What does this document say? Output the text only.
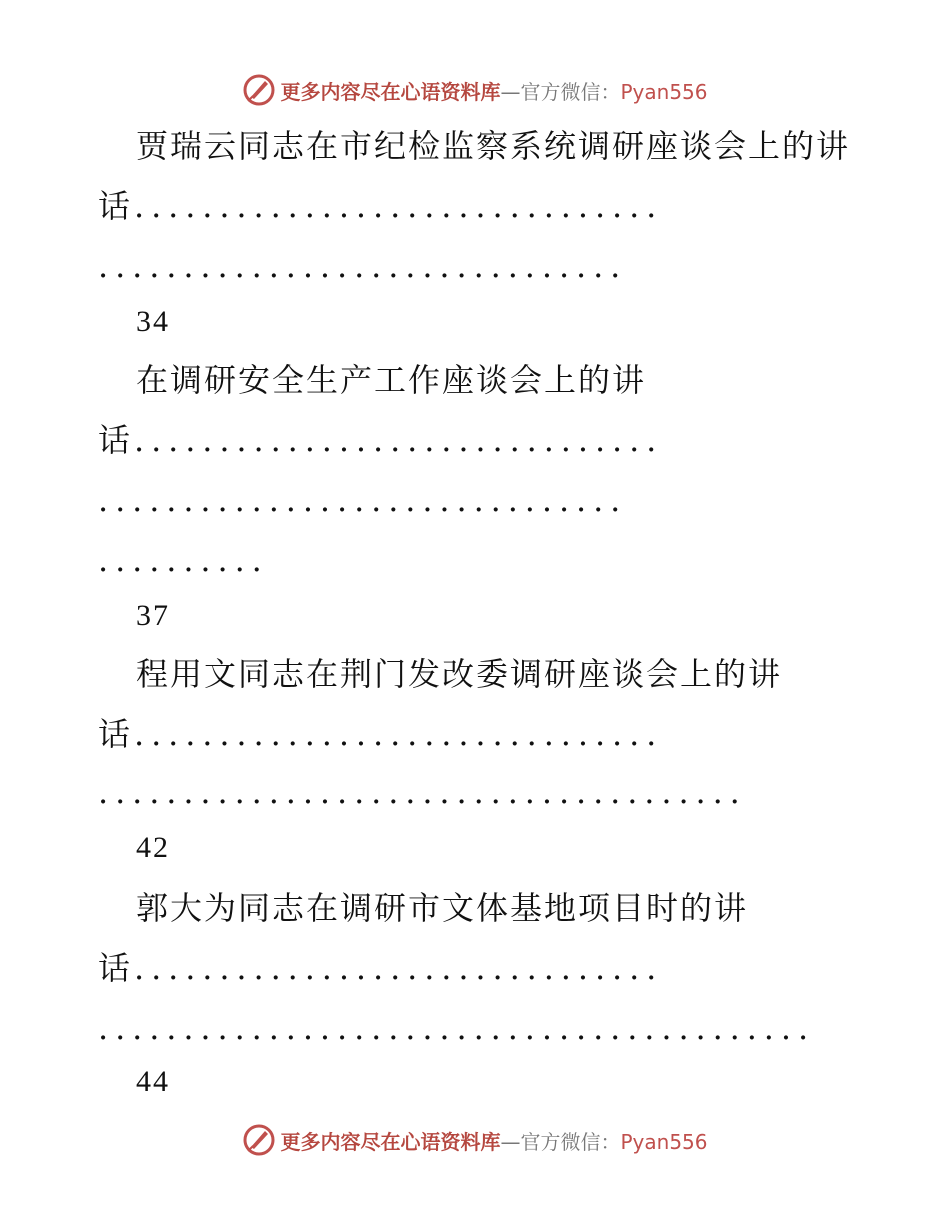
更多内容尽在心语资料库—官方微信：Pyan556
贾瑞云同志在市纪检监察系统调研座谈会上的讲
话 ...............................
...............................
34
在调研安全生产工作座谈会上的讲
话 ...............................
...............................
..........
37
程用文同志在荆门发改委调研座谈会上的讲
话 ...............................
......................................
42
郭大为同志在调研市文体基地项目时的讲
话 ...............................
..........................................
44
更多内容尽在心语资料库—官方微信：Pyan556
